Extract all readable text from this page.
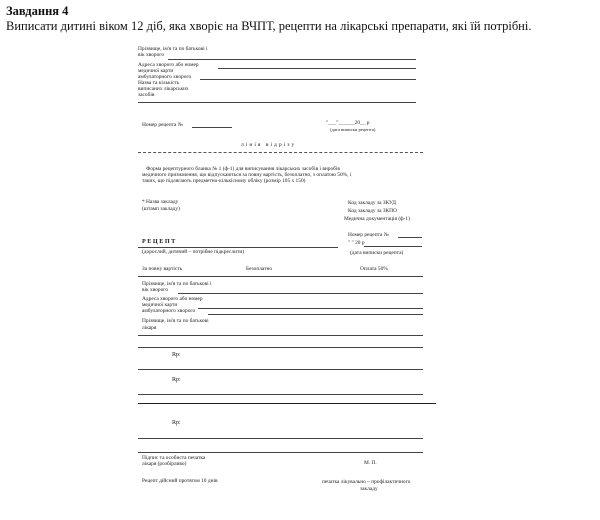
Завдання 4
Виписати дитині віком 12 діб, яка хворіє на ВЧПТ, рецепти на лікарські препарати, які їй потрібні.
Прізвище, ім'я та по батькові і
вік хворого
Адреса хворого або номер
медичної карти
амбулаторного хворого
Назва та кількість
виписаних лікарських
засобів
Номер рецепта №	"___"______20__ р
(дата виписки рецепта)
лінія відрізу
Форма рецептурного бланка № 1 (ф-1) для виписування лікарських засобів і виробів
медичного призначення, що відпускаються за повну вартість, безоплатно, з оплатою 50%, і
таких, що підлягають предметно-кількісному обліку (розмір 105 х 150)
* Назва закладу
(штамп закладу)
Код закладу за ЗКУД
Код закладу за ЗКПО
Медична документація (ф-1)
Номер рецепта №
" " 20 р
РЕЦЕПТ
(дорослий, дитячий – потрібне підкреслити)	(дата виписки рецепта)
За повну вартість	Безоплатно	Оплата 50%
Прізвище, ім'я та по батькові і
вік хворого
Адреса хворого або номер
медичної карти
амбулаторного хворого
Прізвище, ім'я та по батькові
лікаря
Rp:
Rp:
Rp:
Підпис та особиста печатка
лікаря (розбірливо)	М. П.
Рецепт дійсний протягом 10 днів	печатка лікувально – профілактичного
закладу
